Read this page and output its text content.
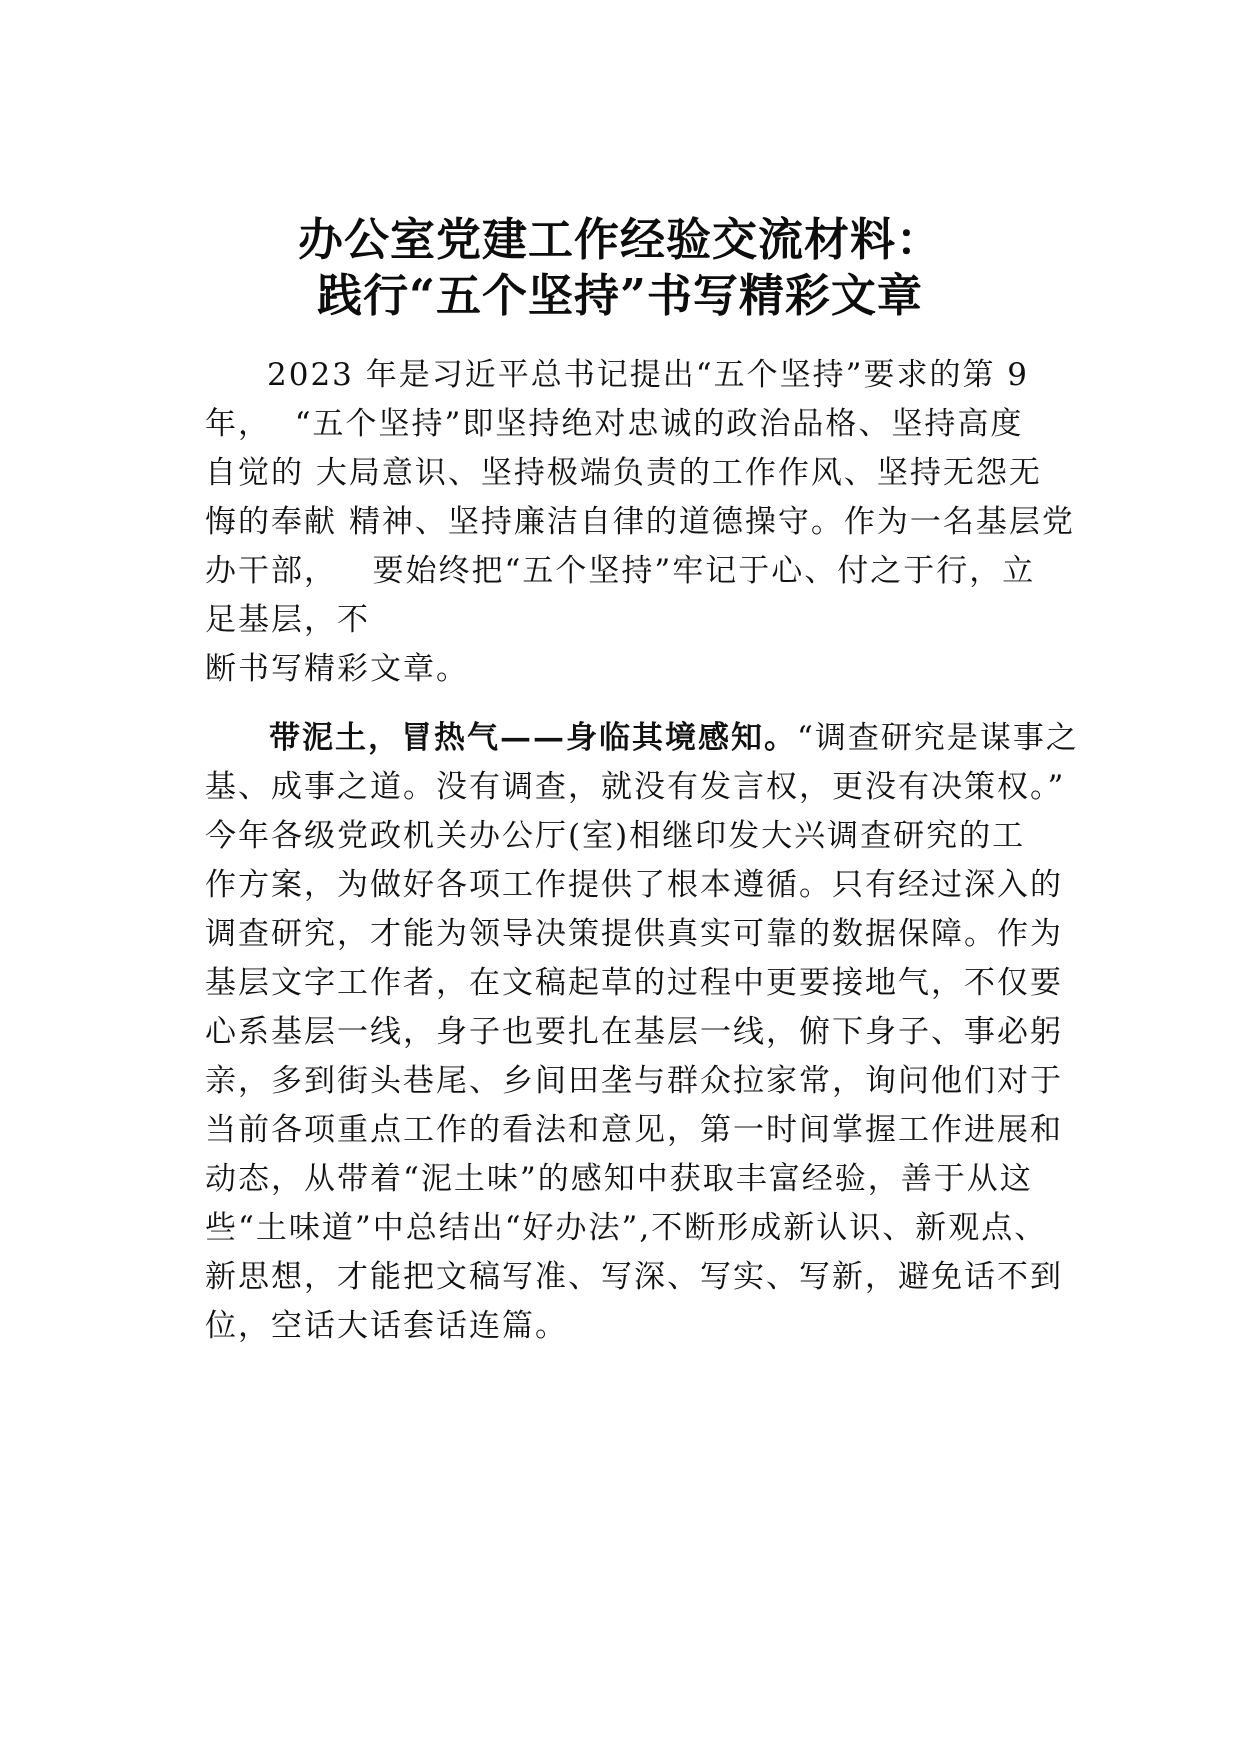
办公室党建工作经验交流材料：
践行“五个坚持”书写精彩文章
2023 年是习近平总书记提出“五个坚持”要求的第 9
年，  “五个坚持”即坚持绝对忠诚的政治品格、坚持高度
自觉的 大局意识、坚持极端负责的工作作风、坚持无怨无
悔的奉献 精神、坚持廉洁自律的道德操守。作为一名基层党
办干部，   要始终把“五个坚持”牢记于心、付之于行，立
足基层，不
断书写精彩文章。
带泥土，冒热气——身临其境感知。“调查研究是谋事之
基、成事之道。没有调查，就没有发言权，更没有决策权。”
今年各级党政机关办公厅(室)相继印发大兴调查研究的工
作方案，为做好各项工作提供了根本遵循。只有经过深入的
调查研究，才能为领导决策提供真实可靠的数据保障。作为
基层文字工作者，在文稿起草的过程中更要接地气，不仅要
心系基层一线，身子也要扎在基层一线，俯下身子、事必躬
亲，多到街头巷尾、乡间田垄与群众拉家常，询问他们对于
当前各项重点工作的看法和意见，第一时间掌握工作进展和
动态，从带着“泥土味”的感知中获取丰富经验，善于从这
些“土味道”中总结出“好办法”,不断形成新认识、新观点、
新思想，才能把文稿写准、写深、写实、写新，避免话不到
位，空话大话套话连篇。
